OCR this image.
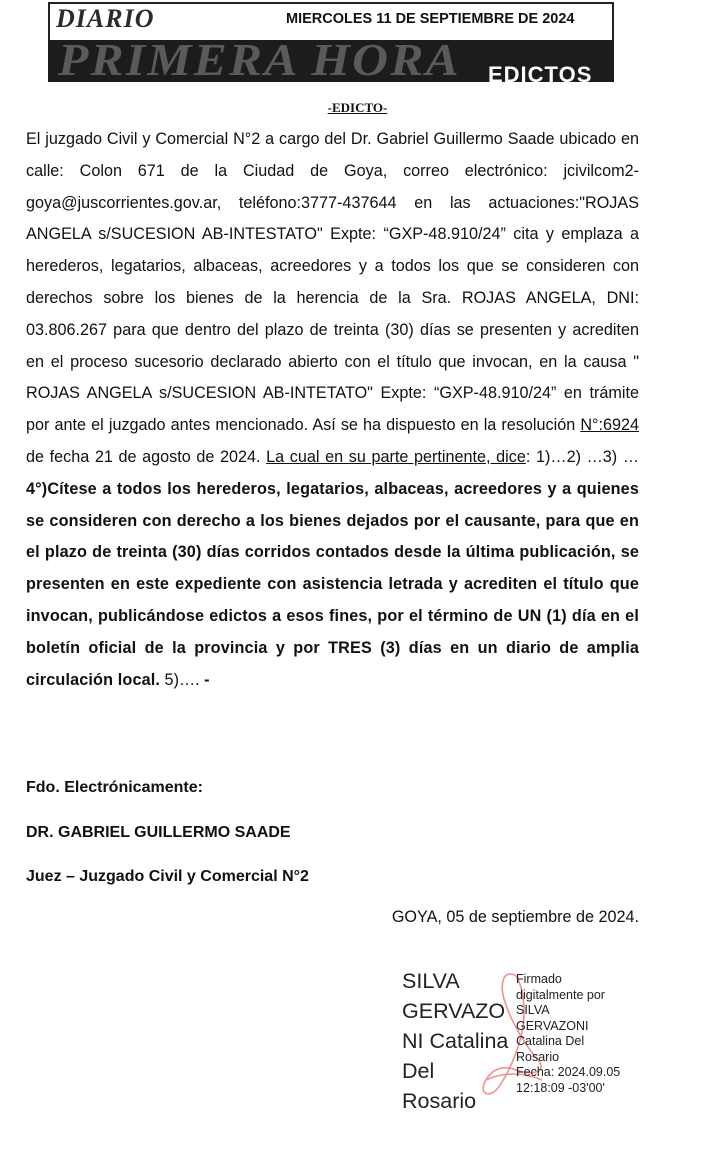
DIARIO	MIERCOLES 11 DE SEPTIEMBRE DE 2024
PRIMERA HORA EDICTOS
-EDICTO-

El juzgado Civil y Comercial N°2 a cargo del Dr. Gabriel Guillermo Saade ubicado en calle: Colon 671 de la Ciudad de Goya, correo electrónico: jcivilcom2-goya@juscorrientes.gov.ar, teléfono:3777-437644 en las actuaciones:"ROJAS ANGELA s/SUCESION AB-INTESTATO" Expte: “GXP-48.910/24” cita y emplaza a herederos, legatarios, albaceas, acreedores y a todos los que se consideren con derechos sobre los bienes de la herencia de la Sra. ROJAS ANGELA, DNI: 03.806.267 para que dentro del plazo de treinta (30) días se presenten y acrediten en el proceso sucesorio declarado abierto con el título que invocan, en la causa " ROJAS ANGELA s/SUCESION AB-INTETATO" Expte: “GXP-48.910/24” en trámite por ante el juzgado antes mencionado. Así se ha dispuesto en la resolución N°:6924 de fecha 21 de agosto de 2024. La cual en su parte pertinente, dice: 1)…2) …3) … 4°)Cítese a todos los herederos, legatarios, albaceas, acreedores y a quienes se consideren con derecho a los bienes dejados por el causante, para que en el plazo de treinta (30) días corridos contados desde la última publicación, se presenten en este expediente con asistencia letrada y acrediten el título que invocan, publicándose edictos a esos fines, por el término de UN (1) día en el boletín oficial de la provincia y por TRES (3) días en un diario de amplia circulación local. 5)…. -

Fdo. Electrónicamente:
DR. GABRIEL GUILLERMO SAADE
Juez – Juzgado Civil y Comercial N°2
GOYA, 05 de septiembre de 2024.
SILVA
GERVAZO
NI Catalina
Del
Rosario
Firmado
digitalmente por
SILVA
GERVAZONI
Catalina Del
Rosario
Fecha: 2024.09.05
12:18:09 -03'00'
